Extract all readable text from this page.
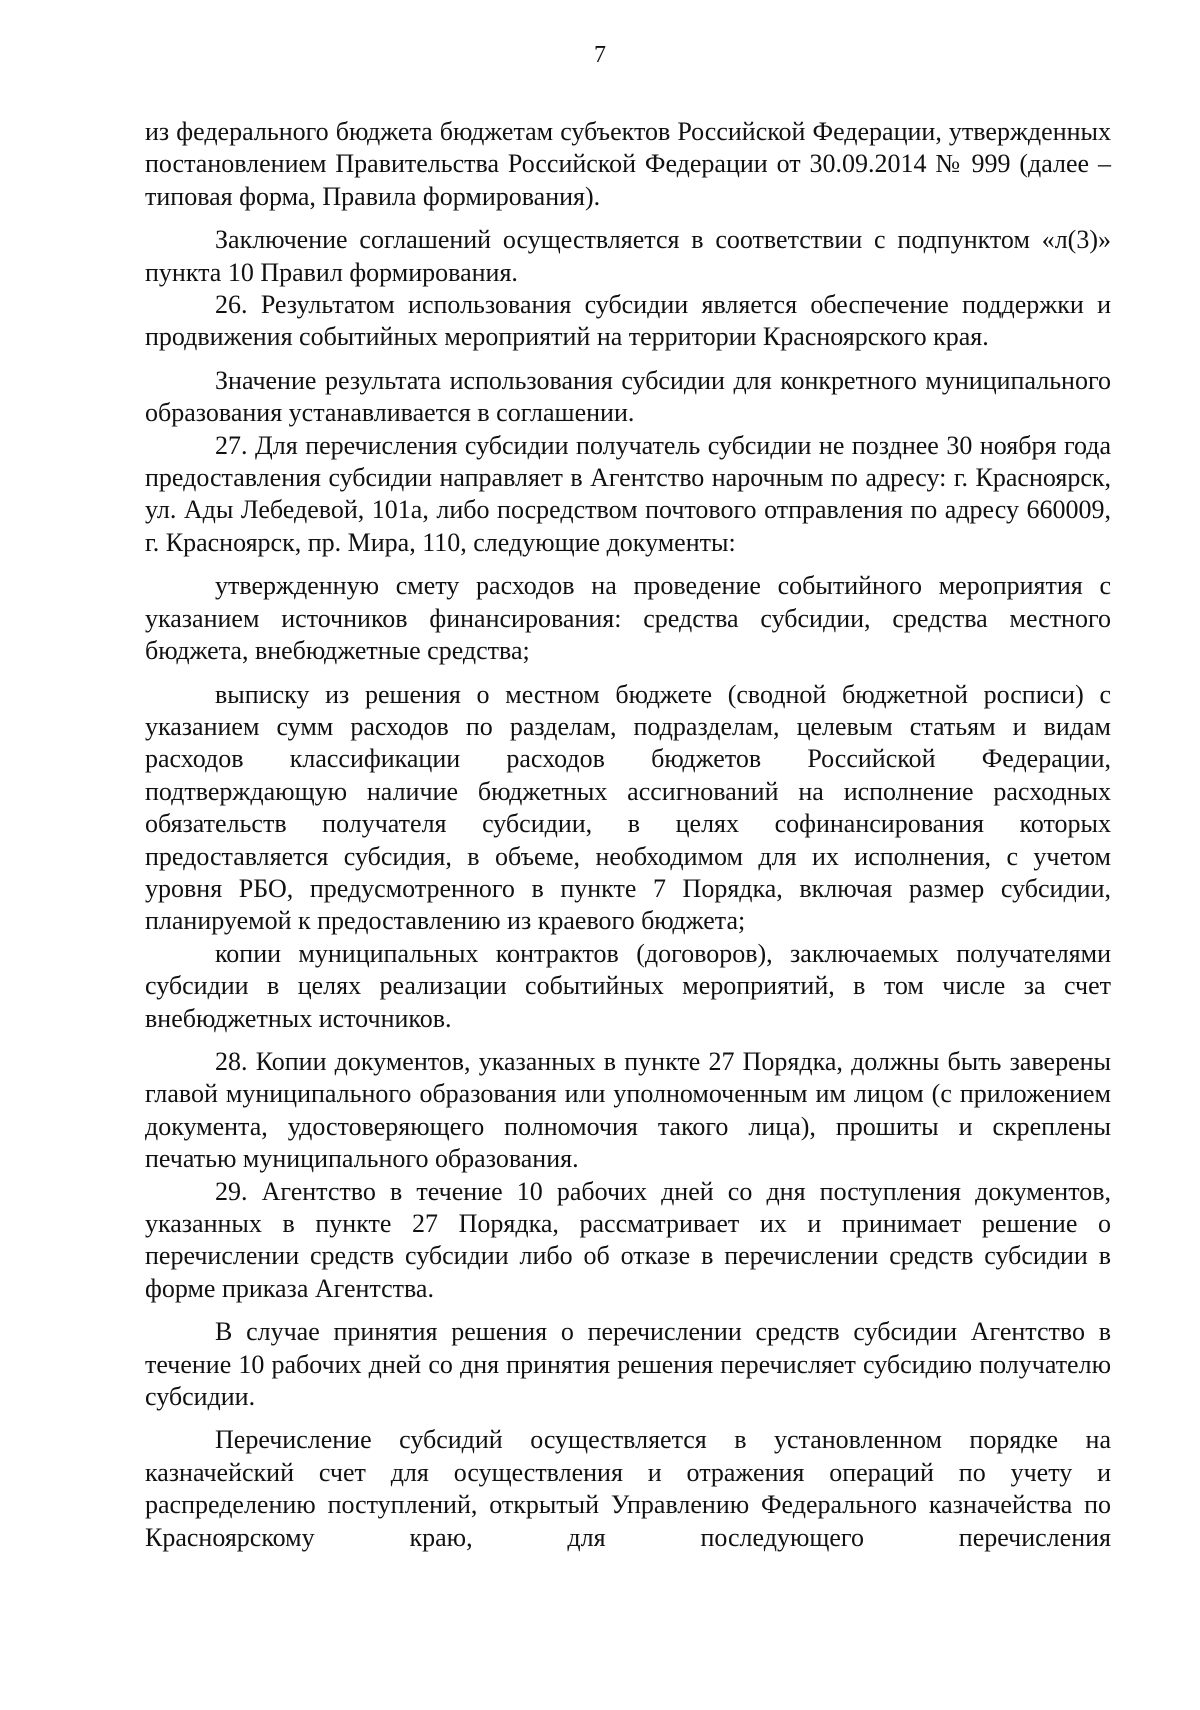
7

из федерального бюджета бюджетам субъектов Российской Федерации, утвержденных постановлением Правительства Российской Федерации от 30.09.2014 № 999 (далее – типовая форма, Правила формирования).

Заключение соглашений осуществляется в соответствии с подпунктом «л(3)» пункта 10 Правил формирования.

26. Результатом использования субсидии является обеспечение поддержки и продвижения событийных мероприятий на территории Красноярского края.

Значение результата использования субсидии для конкретного муниципального образования устанавливается в соглашении.

27. Для перечисления субсидии получатель субсидии не позднее 30 ноября года предоставления субсидии направляет в Агентство нарочным по адресу: г. Красноярск, ул. Ады Лебедевой, 101а, либо посредством почтового отправления по адресу 660009, г. Красноярск, пр. Мира, 110, следующие документы:

утвержденную смету расходов на проведение событийного мероприятия с указанием источников финансирования: средства субсидии, средства местного бюджета, внебюджетные средства;

выписку из решения о местном бюджете (сводной бюджетной росписи) с указанием сумм расходов по разделам, подразделам, целевым статьям и видам расходов классификации расходов бюджетов Российской Федерации, подтверждающую наличие бюджетных ассигнований на исполнение расходных обязательств получателя субсидии, в целях софинансирования которых предоставляется субсидия, в объеме, необходимом для их исполнения, с учетом уровня РБО, предусмотренного в пункте 7 Порядка, включая размер субсидии, планируемой к предоставлению из краевого бюджета;

копии муниципальных контрактов (договоров), заключаемых получателями субсидии в целях реализации событийных мероприятий, в том числе за счет внебюджетных источников.

28. Копии документов, указанных в пункте 27 Порядка, должны быть заверены главой муниципального образования или уполномоченным им лицом (с приложением документа, удостоверяющего полномочия такого лица), прошиты и скреплены печатью муниципального образования.

29. Агентство в течение 10 рабочих дней со дня поступления документов, указанных в пункте 27 Порядка, рассматривает их и принимает решение о перечислении средств субсидии либо об отказе в перечислении средств субсидии в форме приказа Агентства.

В случае принятия решения о перечислении средств субсидии Агентство в течение 10 рабочих дней со дня принятия решения перечисляет субсидию получателю субсидии.

Перечисление субсидий осуществляется в установленном порядке на казначейский счет для осуществления и отражения операций по учету и распределению поступлений, открытый Управлению Федерального казначейства по Красноярскому краю, для последующего перечисления
